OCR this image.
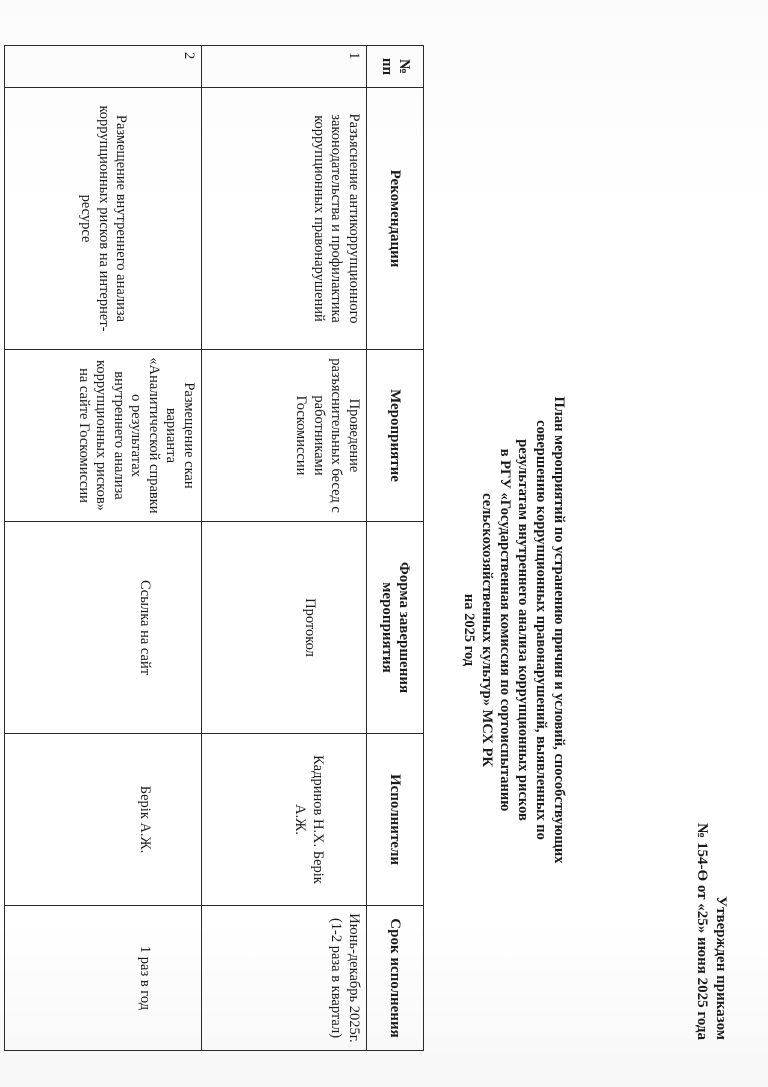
Утвержден приказом
№ 154-Ө от «25» июня 2025 года
План мероприятий по устранению причин и условий, способствующих
совершению коррупционных правонарушений, выявленных по
результатам внутреннего анализа коррупционных рисков
в РГУ «Государственная комисcия по сортоиспытанию
сельскохозяйственных культур» МСХ РК
на 2025 год
№ пп	Рекомендации	Мероприятие	Форма завершения мероприятия	Исполнители	Срок исполнения
1	Разъяснение антикоррупционного законодательства и профилактика коррупционных правонарушений	Проведение разъяснительных бесед с работниками Госкомиссии	Протокол	Кадринов Н.Х. Берік А.Ж.	Июнь-декабрь 2025г. (1-2 раза в квартал)
2	Размещение внутреннего анализа коррупционных рисков на интернет-ресурсе	Размещение скан варианта «Аналитической справки о результатах внутреннего анализа коррупционных рисков» на сайте Госкомиссии	Ссылка на сайт	Берік А.Ж.	1 раз в год
